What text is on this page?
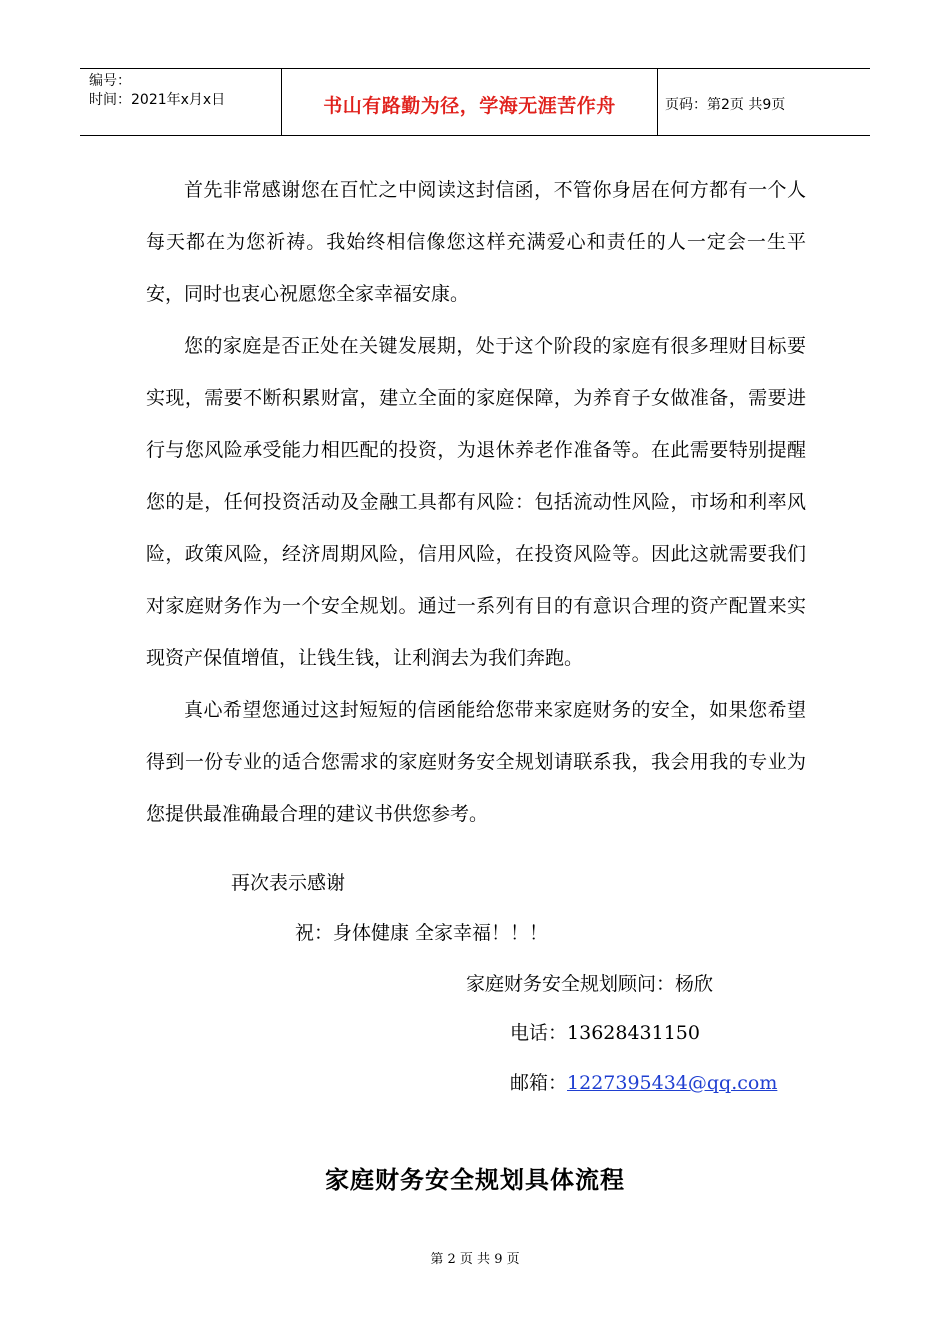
编号：
时间：2021年x月x日	书山有路勤为径，学海无涯苦作舟	页码：第2页 共9页

首先非常感谢您在百忙之中阅读这封信函，不管你身居在何方都有一个人每天都在为您祈祷。我始终相信像您这样充满爱心和责任的人一定会一生平安，同时也衷心祝愿您全家幸福安康。

您的家庭是否正处在关键发展期，处于这个阶段的家庭有很多理财目标要实现，需要不断积累财富，建立全面的家庭保障，为养育子女做准备，需要进行与您风险承受能力相匹配的投资，为退休养老作准备等。在此需要特别提醒您的是，任何投资活动及金融工具都有风险：包括流动性风险，市场和利率风险，政策风险，经济周期风险，信用风险，在投资风险等。因此这就需要我们对家庭财务作为一个安全规划。通过一系列有目的有意识合理的资产配置来实现资产保值增值，让钱生钱，让利润去为我们奔跑。

真心希望您通过这封短短的信函能给您带来家庭财务的安全，如果您希望得到一份专业的适合您需求的家庭财务安全规划请联系我，我会用我的专业为您提供最准确最合理的建议书供您参考。

再次表示感谢
祝：身体健康 全家幸福！！！
家庭财务安全规划顾问：杨欣
电话：13628431150
邮箱：1227395434@qq.com
家庭财务安全规划具体流程
第 2 页 共 9 页
